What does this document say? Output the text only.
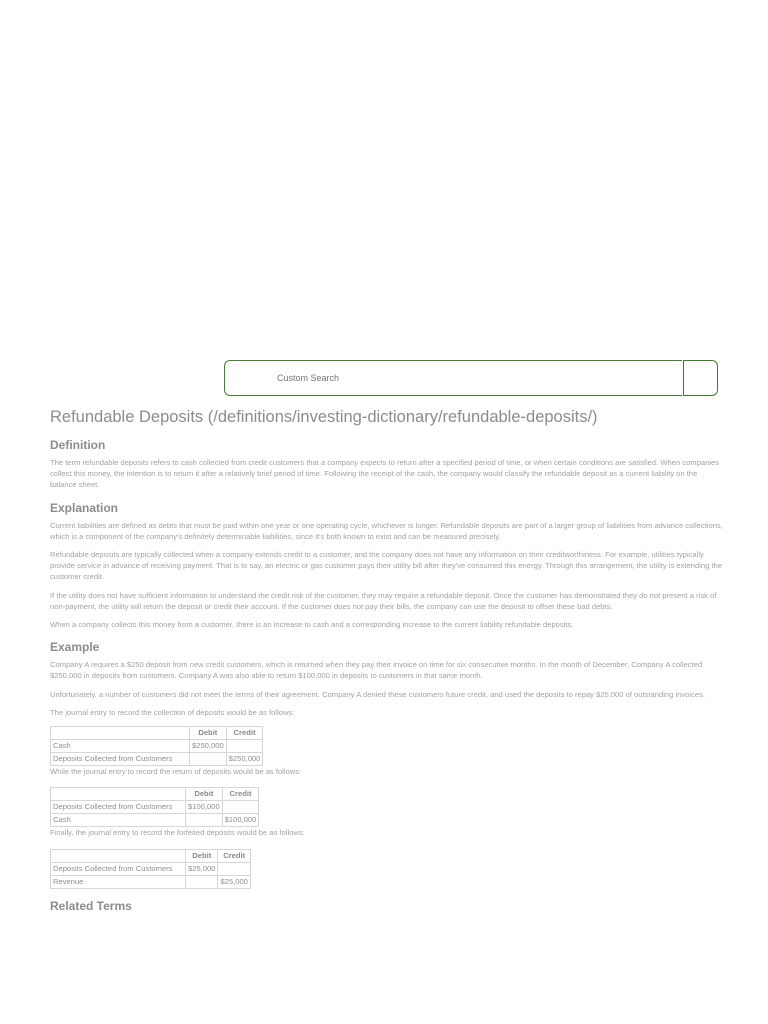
Custom Search
Refundable Deposits (/definitions/investing-dictionary/refundable-deposits/)
Definition

The term refundable deposits refers to cash collected from credit customers that a company expects to return after a specified period of time, or when certain conditions are satisfied. When companies collect this money, the intention is to return it after a relatively brief period of time. Following the receipt of the cash, the company would classify the refundable deposit as a current liability on the balance sheet.

Explanation

Current liabilities are defined as debts that must be paid within one year or one operating cycle, whichever is longer. Refundable deposits are part of a larger group of liabilities from advance collections, which is a component of the company's definitely determinable liabilities, since it's both known to exist and can be measured precisely.

Refundable deposits are typically collected when a company extends credit to a customer, and the company does not have any information on their creditworthiness. For example, utilities typically provide service in advance of receiving payment. That is to say, an electric or gas customer pays their utility bill after they've consumed this energy. Through this arrangement, the utility is extending the customer credit.

If the utility does not have sufficient information to understand the credit risk of the customer, they may require a refundable deposit. Once the customer has demonstrated they do not present a risk of non-payment, the utility will return the deposit or credit their account. If the customer does not pay their bills, the company can use the deposit to offset these bad debts.

When a company collects this money from a customer, there is an increase to cash and a corresponding increase to the current liability refundable deposits.

Example

Company A requires a $250 deposit from new credit customers, which is returned when they pay their invoice on time for six consecutive months. In the month of December, Company A collected $250,000 in deposits from customers. Company A was also able to return $100,000 in deposits to customers in that same month.

Unfortunately, a number of customers did not meet the terms of their agreement. Company A denied these customers future credit, and used the deposits to repay $25,000 of outstanding invoices.

The journal entry to record the collection of deposits would be as follows:

	Debit	Credit
Cash	$250,000	
Deposits Collected from Customers		$250,000

While the journal entry to record the return of deposits would be as follows:

	Debit	Credit
Deposits Collected from Customers	$100,000	
Cash		$100,000

Finally, the journal entry to record the forfeited deposits would be as follows:

	Debit	Credit
Deposits Collected from Customers	$25,000	
Revenue		$25,000
Related Terms
